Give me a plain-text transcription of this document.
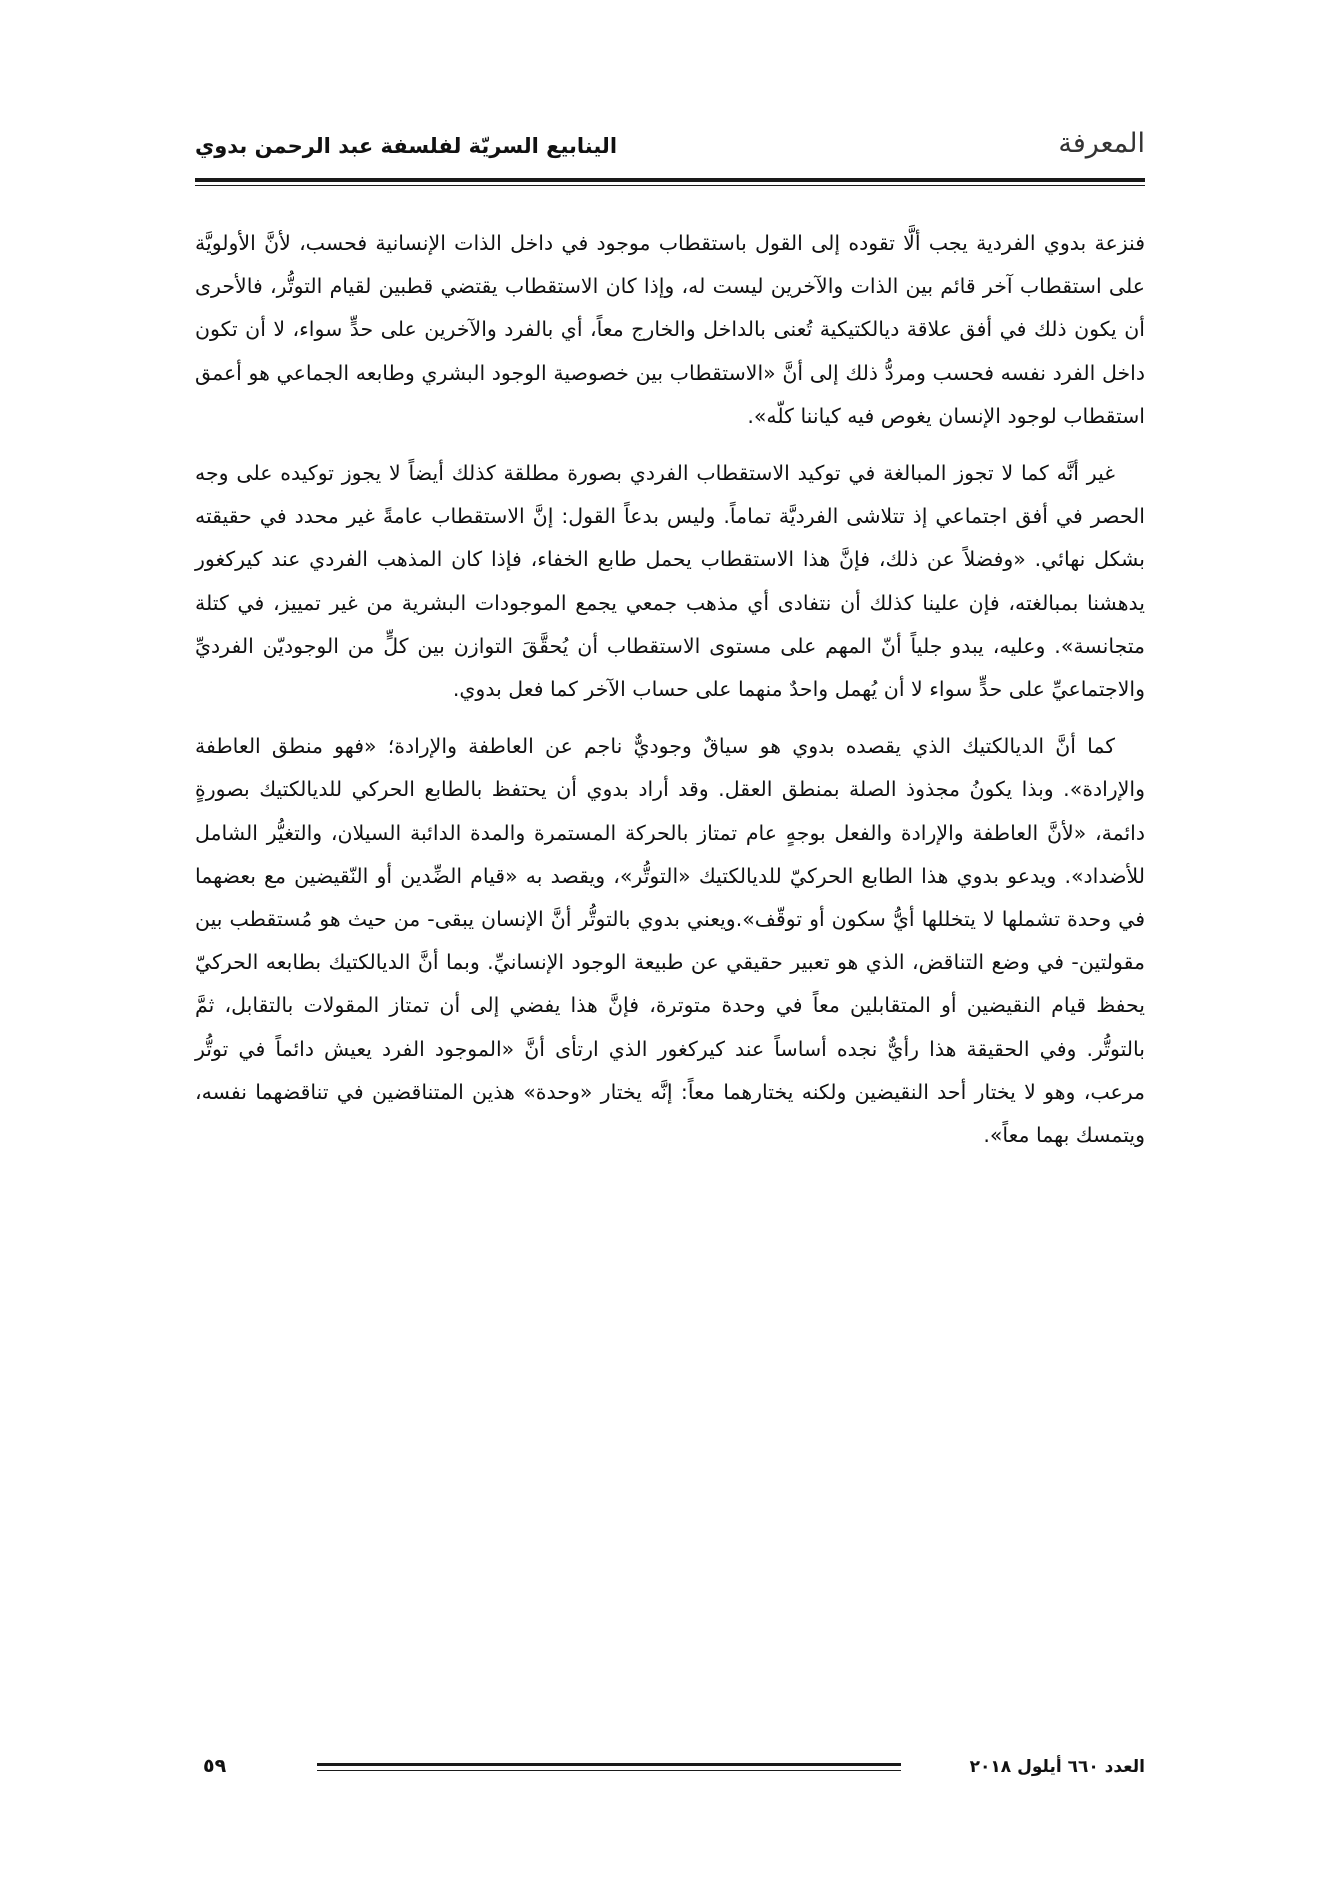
المعرفة
الينابيع السريّة لفلسفة عبد الرحمن بدوي

فنزعة بدوي الفردية يجب ألَّا تقوده إلى القول باستقطاب موجود في داخل الذات الإنسانية فحسب، لأنَّ الأولويَّة على استقطاب آخر قائم بين الذات والآخرين ليست له، وإذا كان الاستقطاب يقتضي قطبين لقيام التوتُّر، فالأحرى أن يكون ذلك في أفق علاقة ديالكتيكية تُعنى بالداخل والخارج معاً، أي بالفرد والآخرين على حدٍّ سواء، لا أن تكون داخل الفرد نفسه فحسب ومردُّ ذلك إلى أنَّ «الاستقطاب بين خصوصية الوجود البشري وطابعه الجماعي هو أعمق استقطاب لوجود الإنسان يغوص فيه كياننا كلّه».

غير أنَّه كما لا تجوز المبالغة في توكيد الاستقطاب الفردي بصورة مطلقة كذلك أيضاً لا يجوز توكيده على وجه الحصر في أفق اجتماعي إذ تتلاشى الفرديَّة تماماً. وليس بدعاً القول: إنَّ الاستقطاب عامةً غير محدد في حقيقته بشكل نهائي. «وفضلاً عن ذلك، فإنَّ هذا الاستقطاب يحمل طابع الخفاء، فإذا كان المذهب الفردي عند كيركغور يدهشنا بمبالغته، فإن علينا كذلك أن نتفادى أي مذهب جمعي يجمع الموجودات البشرية من غير تمييز، في كتلة متجانسة». وعليه، يبدو جلياً أنّ المهم على مستوى الاستقطاب أن يُحقَّقَ التوازن بين كلٍّ من الوجوديّن الفرديِّ والاجتماعيِّ على حدٍّ سواء لا أن يُهمل واحدٌ منهما على حساب الآخر كما فعل بدوي.

كما أنَّ الديالكتيك الذي يقصده بدوي هو سياقٌ وجوديٌّ ناجم عن العاطفة والإرادة؛ «فهو منطق العاطفة والإرادة». وبذا يكونُ مجذوذ الصلة بمنطق العقل. وقد أراد بدوي أن يحتفظ بالطابع الحركي للديالكتيك بصورةٍ دائمة، «لأنَّ العاطفة والإرادة والفعل بوجهٍ عام تمتاز بالحركة المستمرة والمدة الدائبة السيلان، والتغيُّر الشامل للأضداد». ويدعو بدوي هذا الطابع الحركيّ للديالكتيك «التوتُّر»، ويقصد به «قيام الضِّدين أو النّقيضين مع بعضهما في وحدة تشملها لا يتخللها أيُّ سكون أو توقّف».ويعني بدوي بالتوتُّر أنَّ الإنسان يبقى- من حيث هو مُستقطب بين مقولتين- في وضع التناقض، الذي هو تعبير حقيقي عن طبيعة الوجود الإنسانيِّ. وبما أنَّ الديالكتيك بطابعه الحركيّ يحفظ قيام النقيضين أو المتقابلين معاً في وحدة متوترة، فإنَّ هذا يفضي إلى أن تمتاز المقولات بالتقابل، ثمَّ بالتوتُّر. وفي الحقيقة هذا رأيٌّ نجده أساساً عند كيركغور الذي ارتأى أنَّ «الموجود الفرد يعيش دائماً في توتُّر مرعب، وهو لا يختار أحد النقيضين ولكنه يختارهما معاً: إنَّه يختار «وحدة» هذين المتناقضين في تناقضهما نفسه، ويتمسك بهما معاً».

العدد ٦٦٠ أيلول ٢٠١٨
٥٩
